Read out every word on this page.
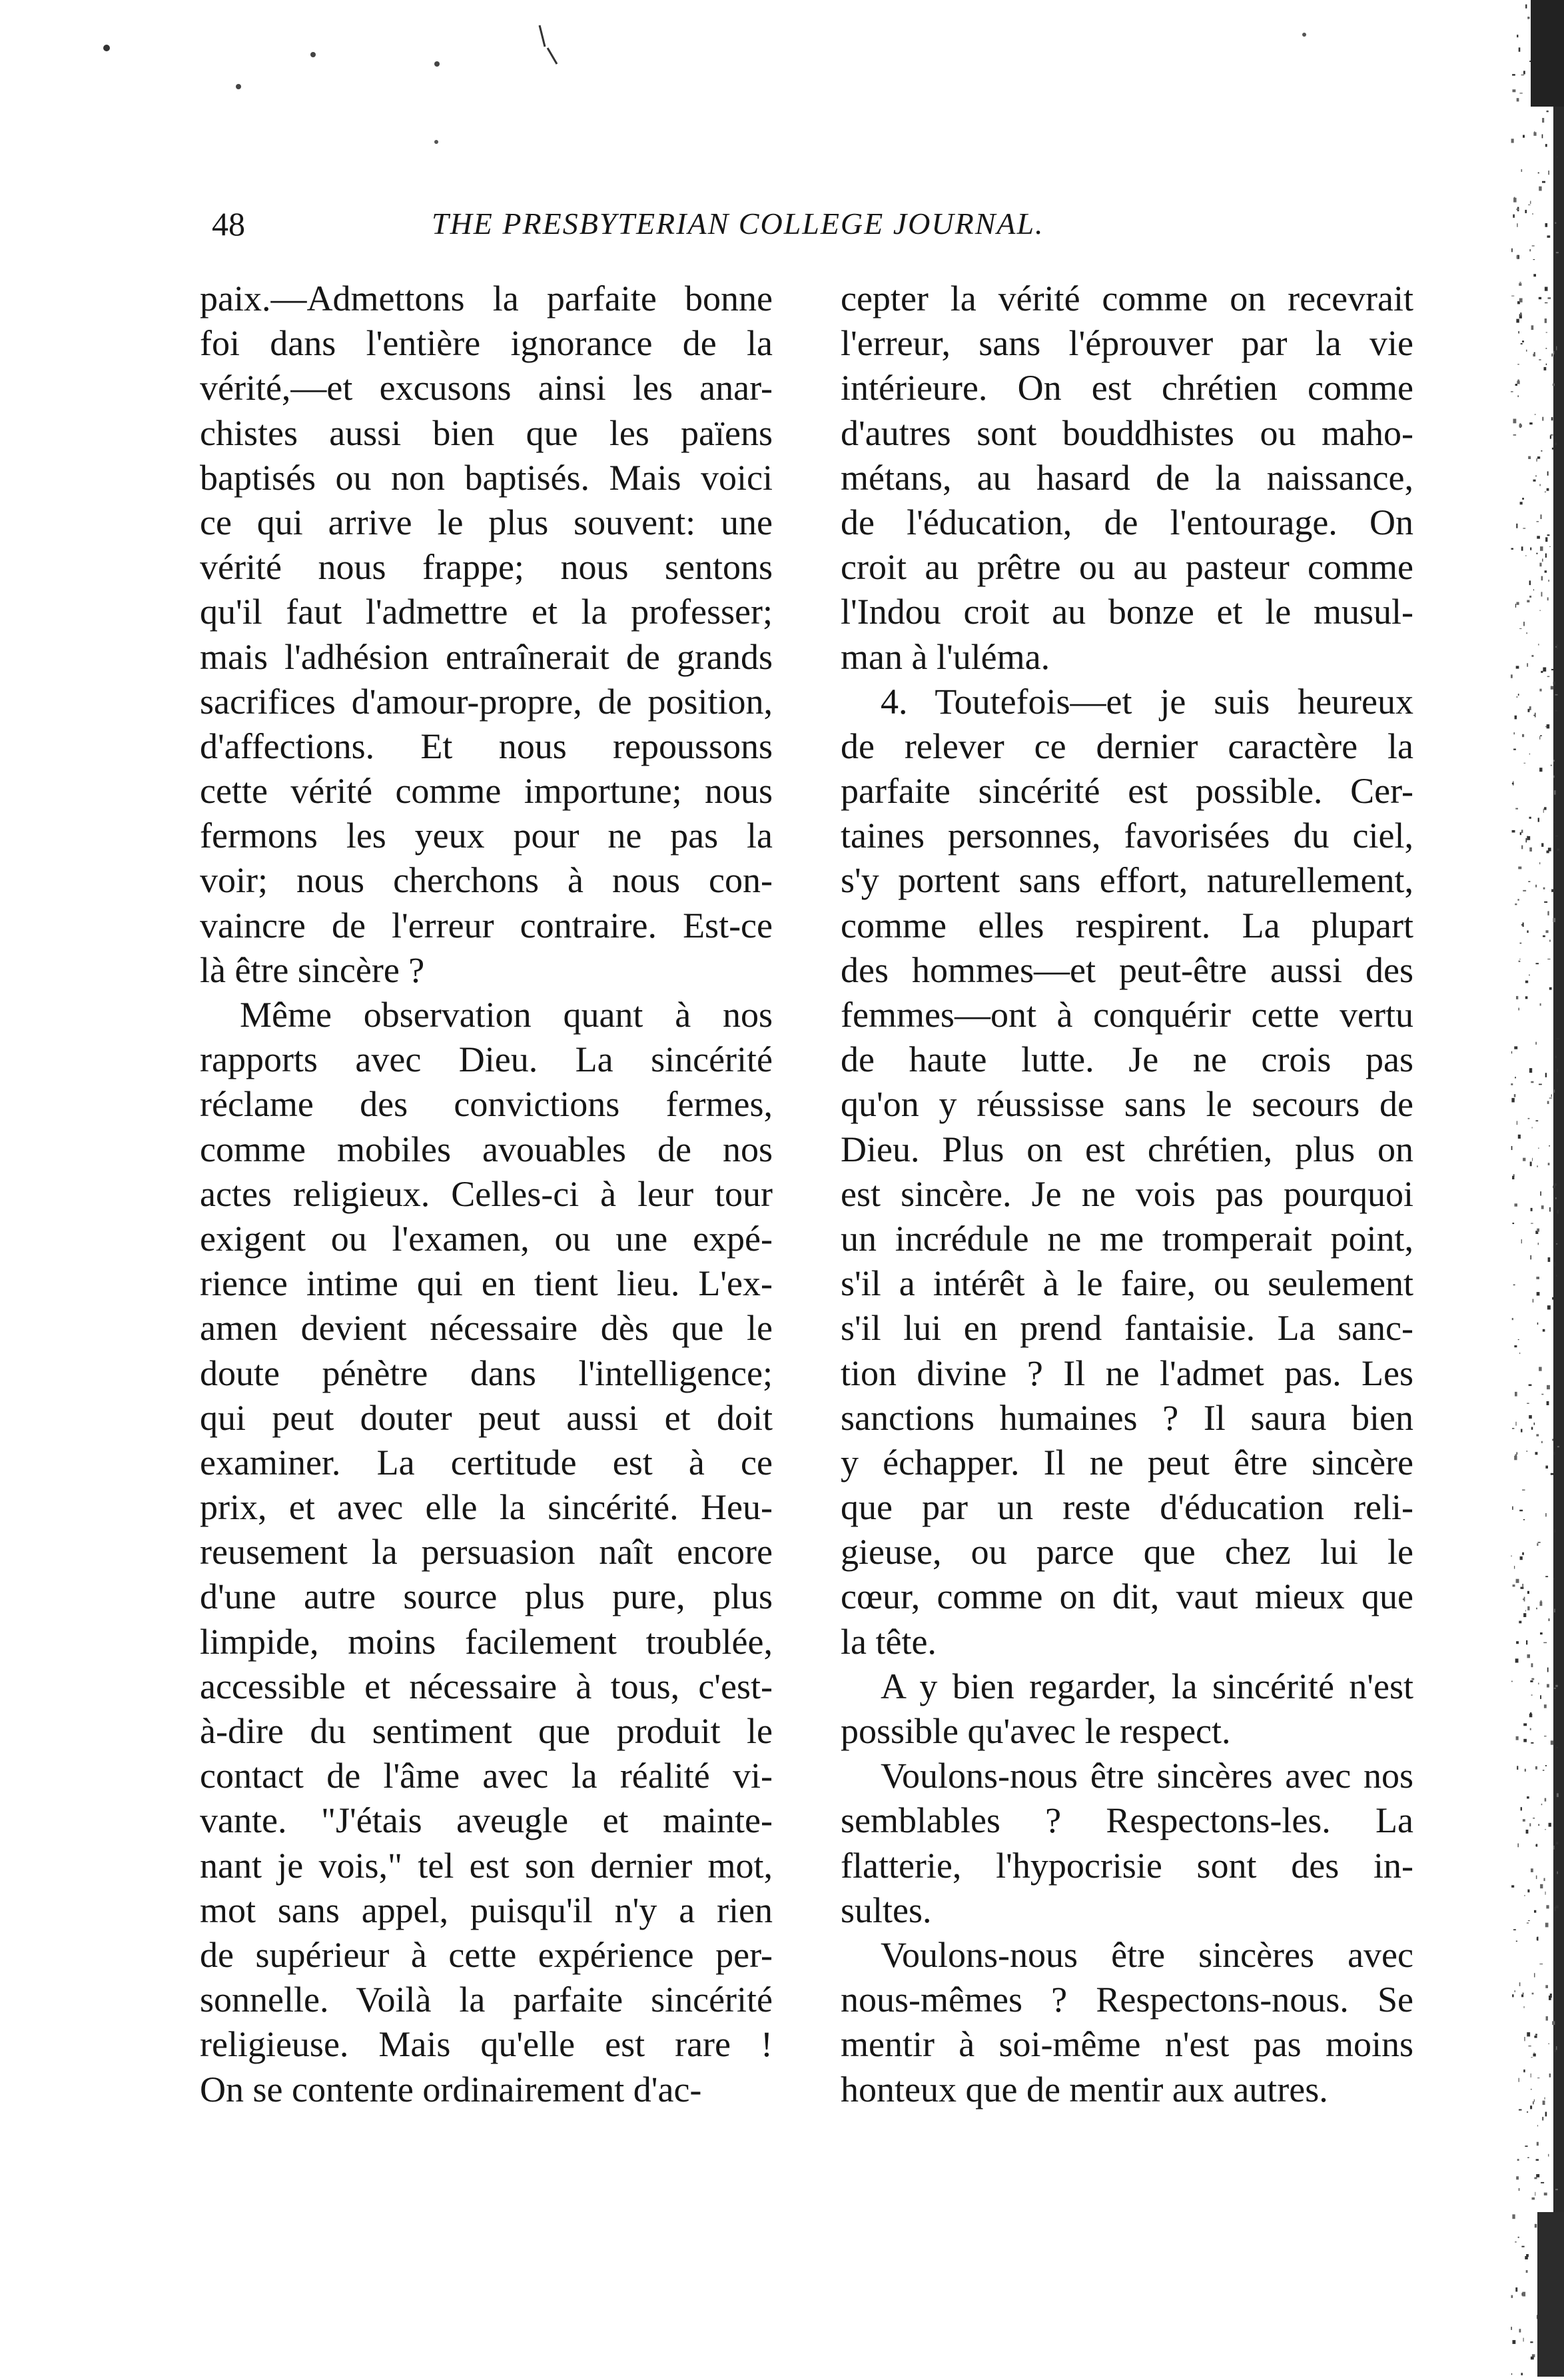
48	THE PRESBYTERIAN COLLEGE JOURNAL.
paix.—Admettons la parfaite bonne
foi dans l'entière ignorance de la
vérité,—et excusons ainsi les anar-
chistes aussi bien que les païens
baptisés ou non baptisés. Mais voici
ce qui arrive le plus souvent: une
vérité nous frappe; nous sentons
qu'il faut l'admettre et la professer;
mais l'adhésion entraînerait de grands
sacrifices d'amour-propre, de position,
d'affections. Et nous repoussons
cette vérité comme importune; nous
fermons les yeux pour ne pas la
voir; nous cherchons à nous con-
vaincre de l'erreur contraire. Est-ce
là être sincère ?
Même observation quant à nos
rapports avec Dieu. La sincérité
réclame des convictions fermes,
comme mobiles avouables de nos
actes religieux. Celles-ci à leur tour
exigent ou l'examen, ou une expé-
rience intime qui en tient lieu. L'ex-
amen devient nécessaire dès que le
doute pénètre dans l'intelligence;
qui peut douter peut aussi et doit
examiner. La certitude est à ce
prix, et avec elle la sincérité. Heu-
reusement la persuasion naît encore
d'une autre source plus pure, plus
limpide, moins facilement troublée,
accessible et nécessaire à tous, c'est-
à-dire du sentiment que produit le
contact de l'âme avec la réalité vi-
vante. "J'étais aveugle et mainte-
nant je vois," tel est son dernier mot,
mot sans appel, puisqu'il n'y a rien
de supérieur à cette expérience per-
sonnelle. Voilà la parfaite sincérité
religieuse. Mais qu'elle est rare !
On se contente ordinairement d'ac-
cepter la vérité comme on recevrait
l'erreur, sans l'éprouver par la vie
intérieure. On est chrétien comme
d'autres sont bouddhistes ou maho-
métans, au hasard de la naissance,
de l'éducation, de l'entourage. On
croit au prêtre ou au pasteur comme
l'Indou croit au bonze et le musul-
man à l'uléma.
4. Toutefois—et je suis heureux
de relever ce dernier caractère la
parfaite sincérité est possible. Cer-
taines personnes, favorisées du ciel,
s'y portent sans effort, naturellement,
comme elles respirent. La plupart
des hommes—et peut-être aussi des
femmes—ont à conquérir cette vertu
de haute lutte. Je ne crois pas
qu'on y réussisse sans le secours de
Dieu. Plus on est chrétien, plus on
est sincère. Je ne vois pas pourquoi
un incrédule ne me tromperait point,
s'il a intérêt à le faire, ou seulement
s'il lui en prend fantaisie. La sanc-
tion divine ? Il ne l'admet pas. Les
sanctions humaines ? Il saura bien
y échapper. Il ne peut être sincère
que par un reste d'éducation reli-
gieuse, ou parce que chez lui le
cœur, comme on dit, vaut mieux que
la tête.
A y bien regarder, la sincérité n'est
possible qu'avec le respect.
Voulons-nous être sincères avec nos
semblables ? Respectons-les. La
flatterie, l'hypocrisie sont des in-
sultes.
Voulons-nous être sincères avec
nous-mêmes ? Respectons-nous. Se
mentir à soi-même n'est pas moins
honteux que de mentir aux autres.
